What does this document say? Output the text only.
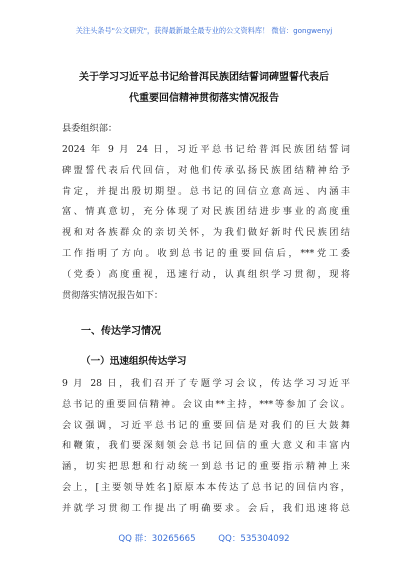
关注头条号"公文研究"，获得最新最全最专业的公文资料库！ 微信：gongwenyj
关于学习习近平总书记给普洱民族团结誓词碑盟誓代表后
代重要回信精神贯彻落实情况报告
县委组织部：
2024 年 9 月 24 日，习近平总书记给普洱民族团结誓词
碑盟誓代表后代回信，对他们传承弘扬民族团结精神给予
肯定，并提出殷切期望。总书记的回信立意高远、内涵丰
富、情真意切，充分体现了对民族团结进步事业的高度重
视和对各族群众的亲切关怀，为我们做好新时代民族团结
工作指明了方向。收到总书记的重要回信后，***党工委
（党委）高度重视，迅速行动，认真组织学习贯彻，现将
贯彻落实情况报告如下：
一、传达学习情况
（一）迅速组织传达学习
9 月 28 日，我们召开了专题学习会议，传达学习习近平
总书记的重要回信精神。会议由**主持，***等参加了会议。
会议强调，习近平总书记的重要回信是对我们的巨大鼓舞
和鞭策，我们要深刻领会总书记回信的重大意义和丰富内
涵，切实把思想和行动统一到总书记的重要指示精神上来
会上，[主要领导姓名]原原本本传达了总书记的回信内容，
并就学习贯彻工作提出了明确要求。会后，我们迅速将总
QQ 群：30265665	QQ：535304092
